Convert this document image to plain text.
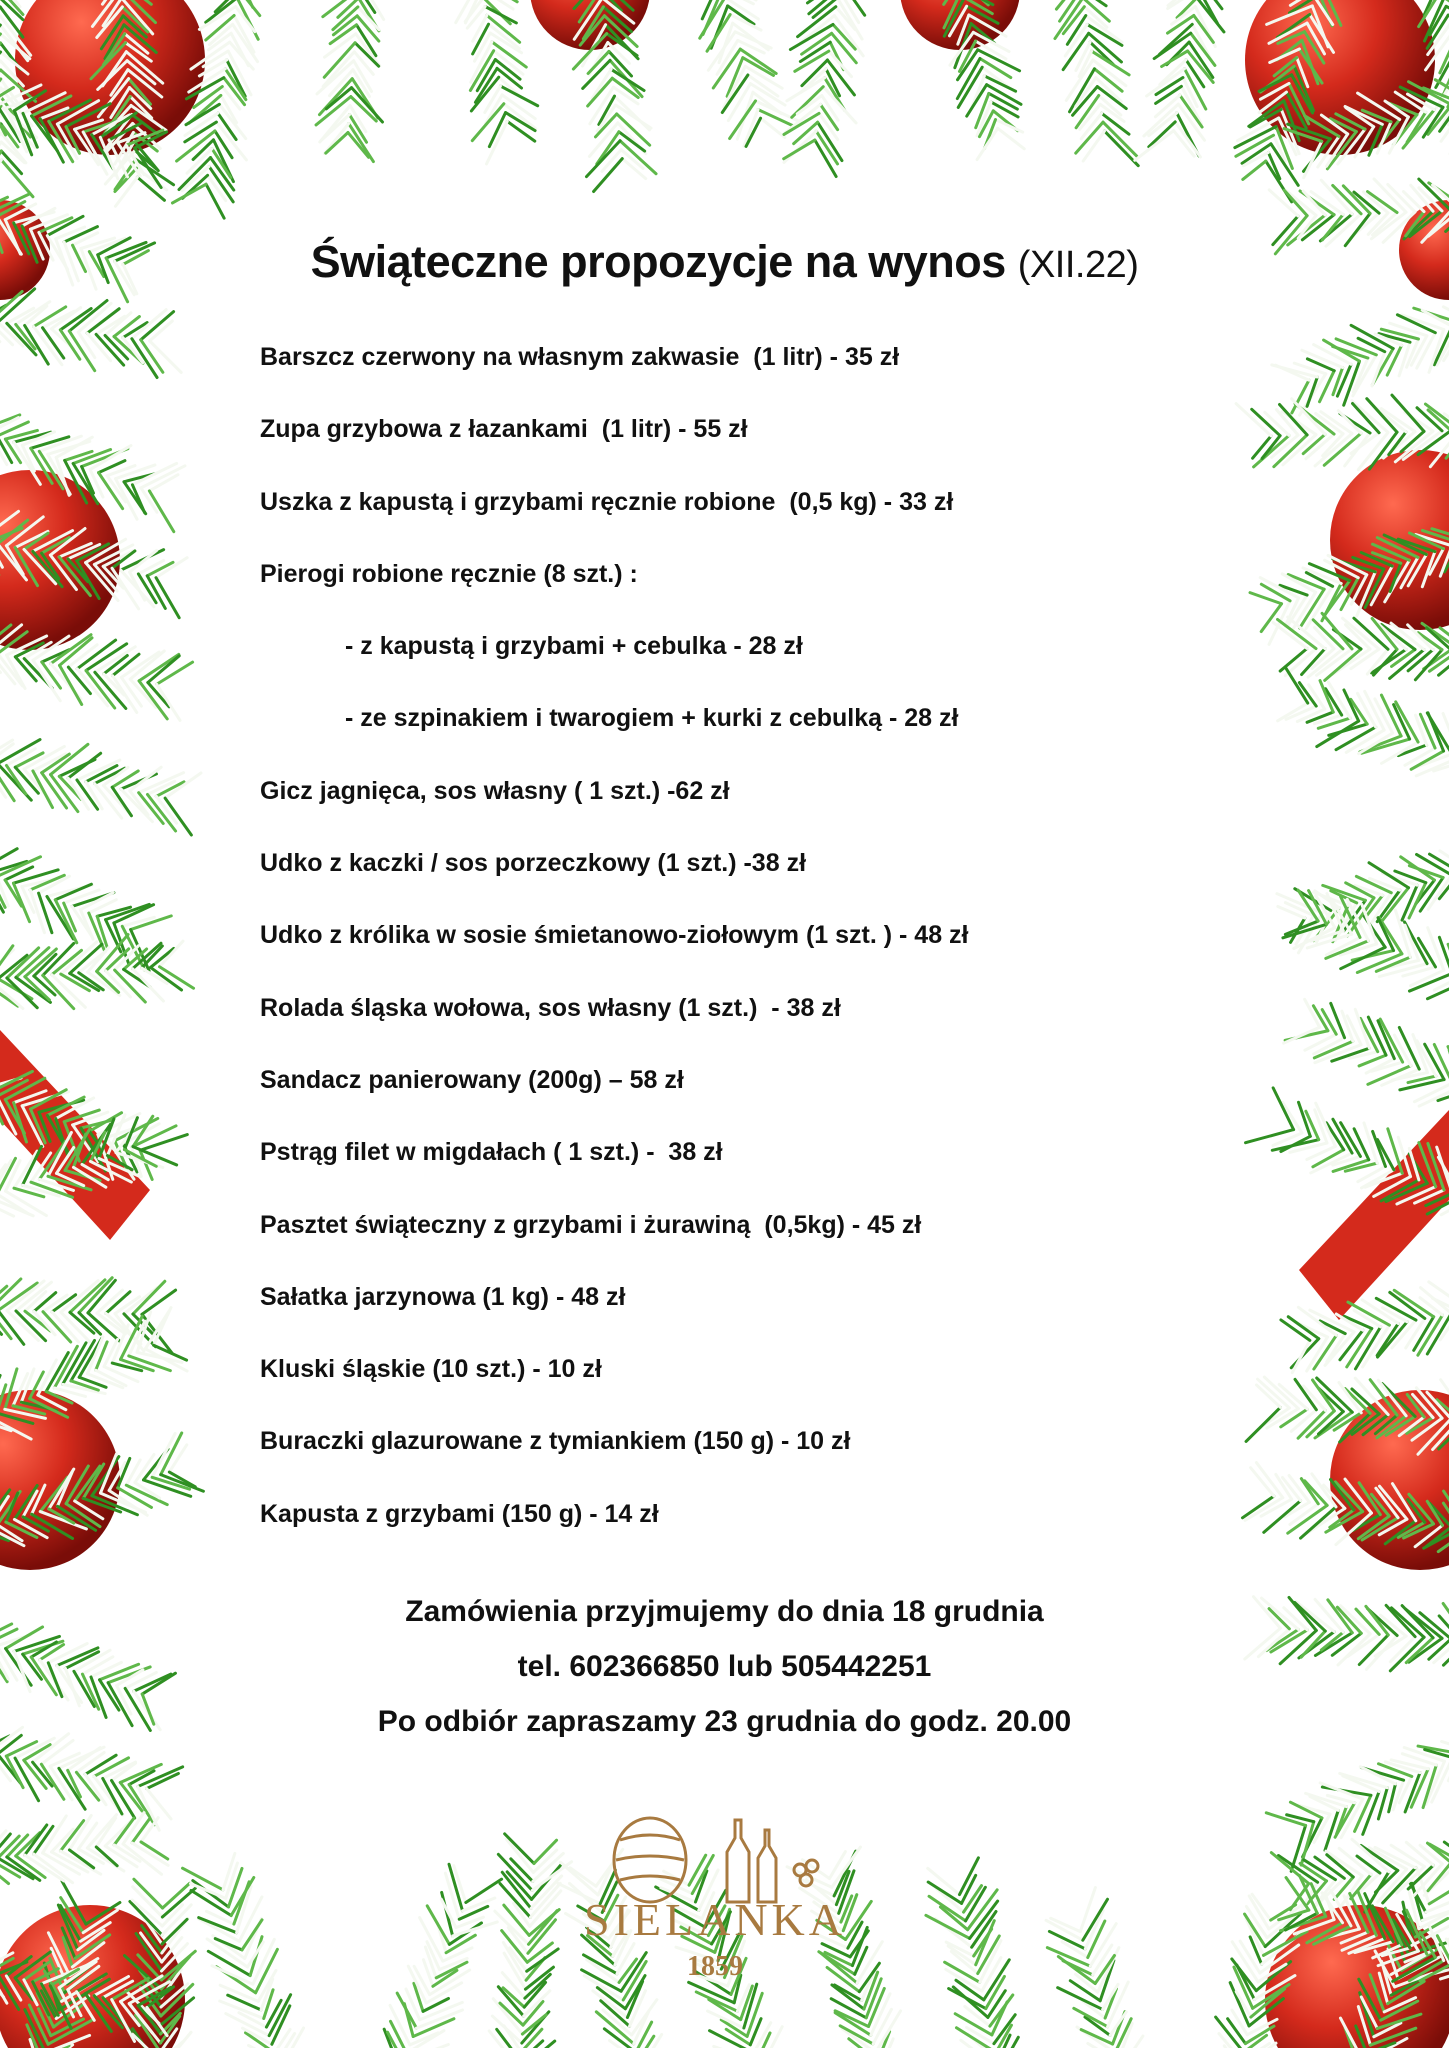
Świąteczne propozycje na wynos (XII.22)
Barszcz czerwony na własnym zakwasie  (1 litr) - 35 zł
Zupa grzybowa z łazankami  (1 litr) - 55 zł
Uszka z kapustą i grzybami ręcznie robione  (0,5 kg) - 33 zł
Pierogi robione ręcznie (8 szt.) :
- z kapustą i grzybami + cebulka - 28 zł
- ze szpinakiem i twarogiem + kurki z cebulką - 28 zł
Gicz jagnięca, sos własny ( 1 szt.) -62 zł
Udko z kaczki / sos porzeczkowy (1 szt.) -38 zł
Udko z królika w sosie śmietanowo-ziołowym (1 szt. ) - 48 zł
Rolada śląska wołowa, sos własny (1 szt.)  - 38 zł
Sandacz panierowany (200g) – 58 zł
Pstrąg filet w migdałach ( 1 szt.) -  38 zł
Pasztet świąteczny z grzybami i żurawiną  (0,5kg) - 45 zł
Sałatka jarzynowa (1 kg) - 48 zł
Kluski śląskie (10 szt.) - 10 zł
Buraczki glazurowane z tymiankiem (150 g) - 10 zł
Kapusta z grzybami (150 g) - 14 zł
Zamówienia przyjmujemy do dnia 18 grudnia
tel. 602366850 lub 505442251
Po odbiór zapraszamy 23 grudnia do godz. 20.00
SIELANKA
1859
